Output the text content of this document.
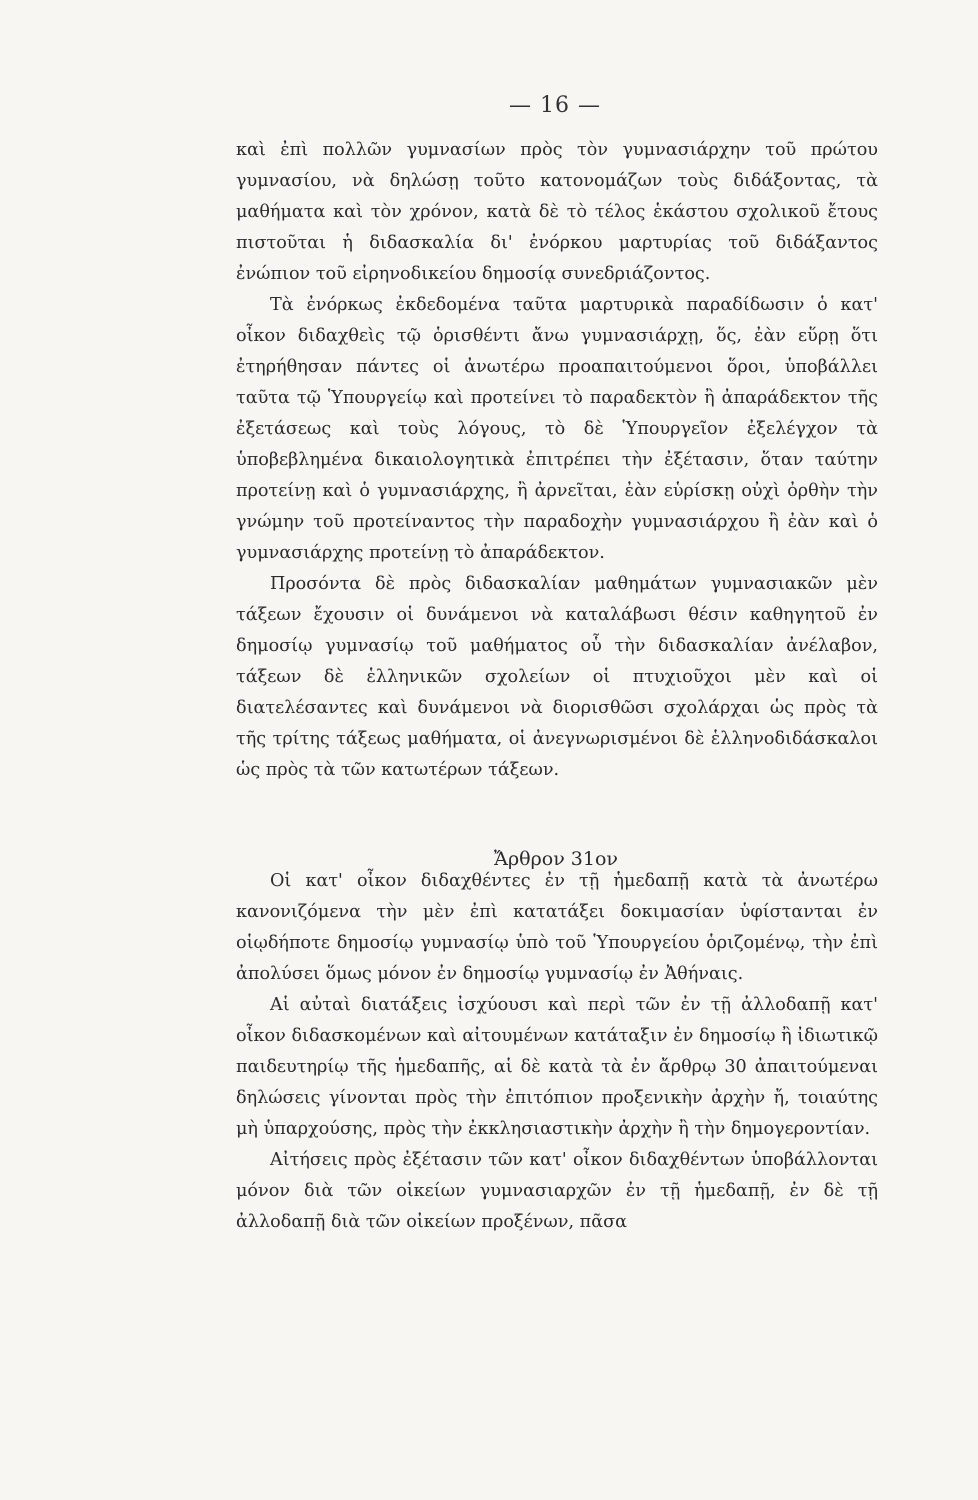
— 16 —

καὶ ἐπὶ πολλῶν γυμνασίων πρὸς τὸν γυμνασιάρχην τοῦ πρώτου γυμνασίου, νὰ δηλώσῃ τοῦτο κατονομάζων τοὺς διδάξοντας, τὰ μαθήματα καὶ τὸν χρόνον, κατὰ δὲ τὸ τέλος ἑκάστου σχολικοῦ ἔτους πιστοῦται ἡ διδασκαλία δι' ἐνόρκου μαρτυρίας τοῦ διδάξαντος ἐνώπιον τοῦ εἰρηνοδικείου δημοσίᾳ συνεδριάζοντος.

Τὰ ἐνόρκως ἐκδεδομένα ταῦτα μαρτυρικὰ παραδίδωσιν ὁ κατ' οἶκον διδαχθεὶς τῷ ὁρισθέντι ἄνω γυμνασιάρχῃ, ὅς, ἐὰν εὕρῃ ὅτι ἐτηρήθησαν πάντες οἱ ἀνωτέρω προαπαιτούμενοι ὅροι, ὑποβάλλει ταῦτα τῷ Ὑπουργείῳ καὶ προτείνει τὸ παραδεκτὸν ἢ ἀπαράδεκτον τῆς ἐξετάσεως καὶ τοὺς λόγους, τὸ δὲ Ὑπουργεῖον ἐξελέγχον τὰ ὑποβεβλημένα δικαιολογητικὰ ἐπιτρέπει τὴν ἐξέτασιν, ὅταν ταύτην προτείνῃ καὶ ὁ γυμνασιάρχης, ἢ ἀρνεῖται, ἐὰν εὑρίσκῃ οὐχὶ ὀρθὴν τὴν γνώμην τοῦ προτείναντος τὴν παραδοχὴν γυμνασιάρχου ἢ ἐὰν καὶ ὁ γυμνασιάρχης προτείνῃ τὸ ἀπαράδεκτον.

Προσόντα δὲ πρὸς διδασκαλίαν μαθημάτων γυμνασιακῶν μὲν τάξεων ἔχουσιν οἱ δυνάμενοι νὰ καταλάβωσι θέσιν καθηγητοῦ ἐν δημοσίῳ γυμνασίῳ τοῦ μαθήματος οὗ τὴν διδασκαλίαν ἀνέλαβον, τάξεων δὲ ἑλληνικῶν σχολείων οἱ πτυχιοῦχοι μὲν καὶ οἱ διατελέσαντες καὶ δυνάμενοι νὰ διορισθῶσι σχολάρχαι ὡς πρὸς τὰ τῆς τρίτης τάξεως μαθήματα, οἱ ἀνεγνωρισμένοι δὲ ἑλληνοδιδάσκαλοι ὡς πρὸς τὰ τῶν κατωτέρων τάξεων.

Ἄρθρον 31ον

Οἱ κατ' οἶκον διδαχθέντες ἐν τῇ ἡμεδαπῇ κατὰ τὰ ἀνωτέρω κανονιζόμενα τὴν μὲν ἐπὶ κατατάξει δοκιμασίαν ὑφίστανται ἐν οἱῳδήποτε δημοσίῳ γυμνασίῳ ὑπὸ τοῦ Ὑπουργείου ὁριζομένῳ, τὴν ἐπὶ ἀπολύσει ὅμως μόνον ἐν δημοσίῳ γυμνασίῳ ἐν Ἀθήναις.

Αἱ αὐταὶ διατάξεις ἰσχύουσι καὶ περὶ τῶν ἐν τῇ ἀλλοδαπῇ κατ' οἶκον διδασκομένων καὶ αἰτουμένων κατάταξιν ἐν δημοσίῳ ἢ ἰδιωτικῷ παιδευτηρίῳ τῆς ἡμεδαπῆς, αἱ δὲ κατὰ τὰ ἐν ἄρθρῳ 30 ἀπαιτούμεναι δηλώσεις γίνονται πρὸς τὴν ἐπιτόπιον προξενικὴν ἀρχὴν ἤ, τοιαύτης μὴ ὑπαρχούσης, πρὸς τὴν ἐκκλησιαστικὴν ἀρχὴν ἢ τὴν δημογεροντίαν.

Αἰτήσεις πρὸς ἐξέτασιν τῶν κατ' οἶκον διδαχθέντων ὑποβάλλονται μόνον διὰ τῶν οἰκείων γυμνασιαρχῶν ἐν τῇ ἡμεδαπῇ, ἐν δὲ τῇ ἀλλοδαπῇ διὰ τῶν οἰκείων προξένων, πᾶσα
